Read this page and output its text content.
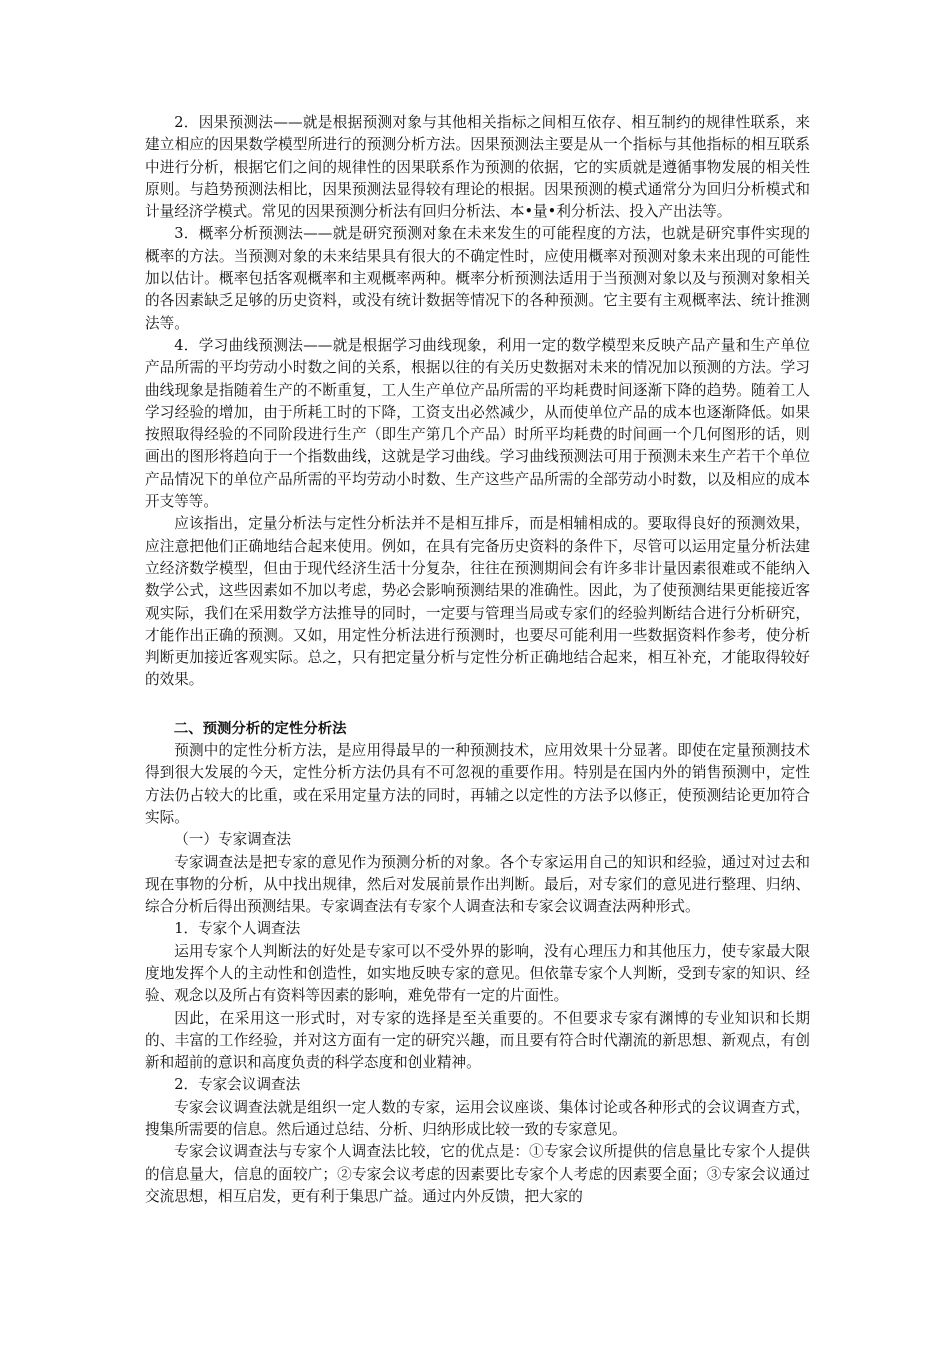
2．因果预测法——就是根据预测对象与其他相关指标之间相互依存、相互制约的规律性联系，来建立相应的因果数学模型所进行的预测分析方法。因果预测法主要是从一个指标与其他指标的相互联系中进行分析，根据它们之间的规律性的因果联系作为预测的依据，它的实质就是遵循事物发展的相关性原则。与趋势预测法相比，因果预测法显得较有理论的根据。因果预测的模式通常分为回归分析模式和计量经济学模式。常见的因果预测分析法有回归分析法、本•量•利分析法、投入产出法等。

3．概率分析预测法——就是研究预测对象在未来发生的可能程度的方法，也就是研究事件实现的概率的方法。当预测对象的未来结果具有很大的不确定性时，应使用概率对预测对象未来出现的可能性加以估计。概率包括客观概率和主观概率两种。概率分析预测法适用于当预测对象以及与预测对象相关的各因素缺乏足够的历史资料，或没有统计数据等情况下的各种预测。它主要有主观概率法、统计推测法等。

4．学习曲线预测法——就是根据学习曲线现象，利用一定的数学模型来反映产品产量和生产单位产品所需的平均劳动小时数之间的关系，根据以往的有关历史数据对未来的情况加以预测的方法。学习曲线现象是指随着生产的不断重复，工人生产单位产品所需的平均耗费时间逐渐下降的趋势。随着工人学习经验的增加，由于所耗工时的下降，工资支出必然减少，从而使单位产品的成本也逐渐降低。如果按照取得经验的不同阶段进行生产（即生产第几个产品）时所平均耗费的时间画一个几何图形的话，则画出的图形将趋向于一个指数曲线，这就是学习曲线。学习曲线预测法可用于预测未来生产若干个单位产品情况下的单位产品所需的平均劳动小时数、生产这些产品所需的全部劳动小时数，以及相应的成本开支等等。

应该指出，定量分析法与定性分析法并不是相互排斥，而是相辅相成的。要取得良好的预测效果，应注意把他们正确地结合起来使用。例如，在具有完备历史资料的条件下，尽管可以运用定量分析法建立经济数学模型，但由于现代经济生活十分复杂，往往在预测期间会有许多非计量因素很难或不能纳入数学公式，这些因素如不加以考虑，势必会影响预测结果的准确性。因此，为了使预测结果更能接近客观实际，我们在采用数学方法推导的同时，一定要与管理当局或专家们的经验判断结合进行分析研究，才能作出正确的预测。又如，用定性分析法进行预测时，也要尽可能利用一些数据资料作参考，使分析判断更加接近客观实际。总之，只有把定量分析与定性分析正确地结合起来，相互补充，才能取得较好的效果。

二、预测分析的定性分析法

预测中的定性分析方法，是应用得最早的一种预测技术，应用效果十分显著。即使在定量预测技术得到很大发展的今天，定性分析方法仍具有不可忽视的重要作用。特别是在国内外的销售预测中，定性方法仍占较大的比重，或在采用定量方法的同时，再辅之以定性的方法予以修正，使预测结论更加符合实际。

（一）专家调查法

专家调查法是把专家的意见作为预测分析的对象。各个专家运用自己的知识和经验，通过对过去和现在事物的分析，从中找出规律，然后对发展前景作出判断。最后，对专家们的意见进行整理、归纳、综合分析后得出预测结果。专家调查法有专家个人调查法和专家会议调查法两种形式。

1．专家个人调查法

运用专家个人判断法的好处是专家可以不受外界的影响，没有心理压力和其他压力，使专家最大限度地发挥个人的主动性和创造性，如实地反映专家的意见。但依靠专家个人判断，受到专家的知识、经验、观念以及所占有资料等因素的影响，难免带有一定的片面性。

因此，在采用这一形式时，对专家的选择是至关重要的。不但要求专家有渊博的专业知识和长期的、丰富的工作经验，并对这方面有一定的研究兴趣，而且要有符合时代潮流的新思想、新观点，有创新和超前的意识和高度负责的科学态度和创业精神。

2．专家会议调查法

专家会议调查法就是组织一定人数的专家，运用会议座谈、集体讨论或各种形式的会议调查方式，搜集所需要的信息。然后通过总结、分析、归纳形成比较一致的专家意见。

专家会议调查法与专家个人调查法比较，它的优点是：①专家会议所提供的信息量比专家个人提供的信息量大，信息的面较广；②专家会议考虑的因素要比专家个人考虑的因素要全面；③专家会议通过交流思想，相互启发，更有利于集思广益。通过内外反馈，把大家的
